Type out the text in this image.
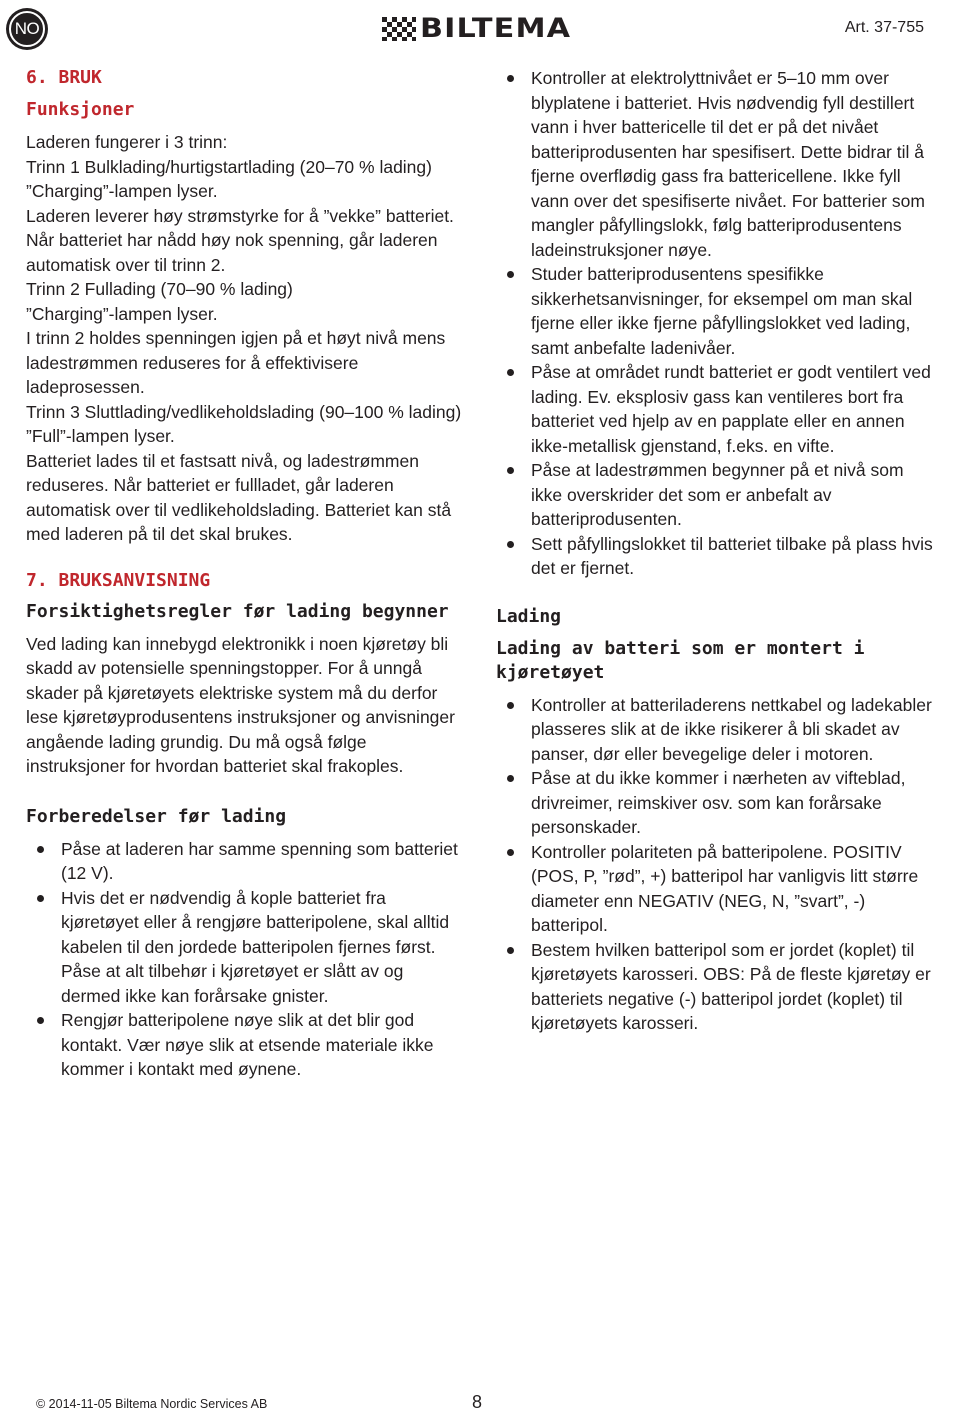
NO	BILTEMA	Art. 37-755
6. BRUK
Funksjoner

Laderen fungerer i 3 trinn:

Trinn 1 Bulklading/hurtigstartlading (20–70 % lading)

”Charging”-lampen lyser.

Laderen leverer høy strømstyrke for å ”vekke” batteriet. Når batteriet har nådd høy nok spenning, går laderen automatisk over til trinn 2.

Trinn 2 Fullading (70–90 % lading)

”Charging”-lampen lyser.

I trinn 2 holdes spenningen igjen på et høyt nivå mens ladestrømmen reduseres for å effektivisere ladeprosessen.

Trinn 3 Sluttlading/vedlikeholdslading (90–100 % lading)

”Full”-lampen lyser.

Batteriet lades til et fastsatt nivå, og ladestrømmen reduseres. Når batteriet er fullladet, går laderen automatisk over til vedlikeholdslading. Batteriet kan stå med laderen på til det skal brukes.

7. BRUKSANVISNING
Forsiktighetsregler før lading begynner

Ved lading kan innebygd elektronikk i noen kjøretøy bli skadd av potensielle spenningstopper. For å unngå skader på kjøretøyets elektriske system må du derfor lese kjøretøyprodusentens instruksjoner og anvisninger angående lading grundig. Du må også følge instruksjoner for hvordan batteriet skal frakoples.

Forberedelser før lading
Påse at laderen har samme spenning som batteriet (12 V).
Hvis det er nødvendig å kople batteriet fra kjøretøyet eller å rengjøre batteripolene, skal alltid kabelen til den jordede batteripolen fjernes først. Påse at alt tilbehør i kjøretøyet er slått av og dermed ikke kan forårsake gnister.
Rengjør batteripolene nøye slik at det blir god kontakt. Vær nøye slik at etsende materiale ikke kommer i kontakt med øynene.
Kontroller at elektrolyttnivået er 5–10 mm over blyplatene i batteriet. Hvis nødvendig fyll destillert vann i hver battericelle til det er på det nivået batteriprodusenten har spesifisert. Dette bidrar til å fjerne overflødig gass fra battericellene. Ikke fyll vann over det spesifiserte nivået. For batterier som mangler påfyllingslokk, følg batteriprodusentens ladeinstruksjoner nøye.
Studer batteriprodusentens spesifikke sikkerhetsanvisninger, for eksempel om man skal fjerne eller ikke fjerne påfyllingslokket ved lading, samt anbefalte ladenivåer.
Påse at området rundt batteriet er godt ventilert ved lading. Ev. eksplosiv gass kan ventileres bort fra batteriet ved hjelp av en papplate eller en annen ikke-metallisk gjenstand, f.eks. en vifte.
Påse at ladestrømmen begynner på et nivå som ikke overskrider det som er anbefalt av batteriprodusenten.
Sett påfyllingslokket til batteriet tilbake på plass hvis det er fjernet.
Lading
Lading av batteri som er montert i kjøretøyet
Kontroller at batteriladerens nettkabel og ladekabler plasseres slik at de ikke risikerer å bli skadet av panser, dør eller bevegelige deler i motoren.
Påse at du ikke kommer i nærheten av vifteblad, drivreimer, reimskiver osv. som kan forårsake personskader.
Kontroller polariteten på batteripolene. POSITIV (POS, P, ”rød”, +) batteripol har vanligvis litt større diameter enn NEGATIV (NEG, N, ”svart”, -) batteripol.
Bestem hvilken batteripol som er jordet (koplet) til kjøretøyets karosseri. OBS: På de fleste kjøretøy er batteriets negative (-) batteripol jordet (koplet) til kjøretøyets karosseri.
© 2014-11-05 Biltema Nordic Services AB	8
